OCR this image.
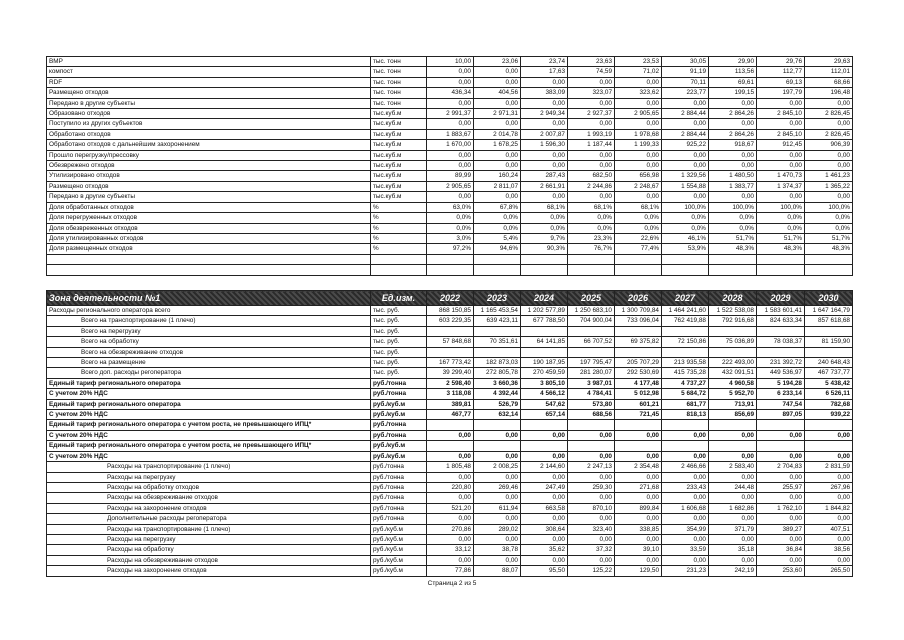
ВМР	тыс. тонн	10,00	23,06	23,74	23,63	23,53	30,05	29,90	29,76	29,63
компост	тыс. тонн	0,00	0,00	17,63	74,59	71,02	91,19	113,56	112,77	112,01
RDF	тыс. тонн	0,00	0,00	0,00	0,00	0,00	70,11	69,61	69,13	68,66
Размещено отходов	тыс. тонн	436,34	404,56	383,09	323,07	323,62	223,77	199,15	197,79	196,48
Передано в другие субъекты	тыс. тонн	0,00	0,00	0,00	0,00	0,00	0,00	0,00	0,00	0,00
Образовано отходов	тыс.куб.м	2 991,37	2 971,31	2 949,34	2 927,37	2 905,65	2 884,44	2 864,26	2 845,10	2 826,45
Поступило из других субъектов	тыс.куб.м	0,00	0,00	0,00	0,00	0,00	0,00	0,00	0,00	0,00
Обработано отходов	тыс.куб.м	1 883,67	2 014,78	2 007,87	1 993,19	1 978,68	2 884,44	2 864,26	2 845,10	2 826,45
Обработано отходов с дальнейшим захоронением	тыс.куб.м	1 670,00	1 678,25	1 596,30	1 187,44	1 199,33	925,22	918,67	912,45	906,39
Прошло перегрузку/прессовку	тыс.куб.м	0,00	0,00	0,00	0,00	0,00	0,00	0,00	0,00	0,00
Обезврежено отходов	тыс.куб.м	0,00	0,00	0,00	0,00	0,00	0,00	0,00	0,00	0,00
Утилизировано отходов	тыс.куб.м	89,99	160,24	287,43	682,50	656,98	1 329,56	1 480,50	1 470,73	1 461,23
Размещено отходов	тыс.куб.м	2 905,65	2 811,07	2 661,91	2 244,86	2 248,67	1 554,88	1 383,77	1 374,37	1 365,22
Передано в другие субъекты	тыс.куб.м	0,00	0,00	0,00	0,00	0,00	0,00	0,00	0,00	0,00
Доля обработанных отходов	%	63,0%	67,8%	68,1%	68,1%	68,1%	100,0%	100,0%	100,0%	100,0%
Доля перегруженных отходов	%	0,0%	0,0%	0,0%	0,0%	0,0%	0,0%	0,0%	0,0%	0,0%
Доля обезвреженных отходов	%	0,0%	0,0%	0,0%	0,0%	0,0%	0,0%	0,0%	0,0%	0,0%
Доля утилизированных отходов	%	3,0%	5,4%	9,7%	23,3%	22,6%	46,1%	51,7%	51,7%	51,7%
Доля размещенных отходов	%	97,2%	94,6%	90,3%	76,7%	77,4%	53,9%	48,3%	48,3%	48,3%

Зона деятельности №1	Ед.изм.	2022	2023	2024	2025	2026	2027	2028	2029	2030
Расходы регионального оператора всего	тыс. руб.	868 150,85	1 165 453,54	1 202 577,89	1 250 683,10	1 300 709,84	1 464 241,60	1 522 538,08	1 583 601,41	1 647 164,79
Всего на транспортирование (1 плечо)	тыс. руб.	603 229,35	639 423,11	677 788,50	704 900,04	733 096,04	762 419,88	792 916,68	824 633,34	857 618,68
Всего на перегрузку	тыс. руб.									
Всего на обработку	тыс. руб.	57 848,68	70 351,61	64 141,85	66 707,52	69 375,82	72 150,86	75 036,89	78 038,37	81 159,90
Всего на обезвреживание отходов	тыс. руб.									
Всего на размещение	тыс. руб.	167 773,42	182 873,03	190 187,95	197 795,47	205 707,29	213 935,58	222 493,00	231 392,72	240 648,43
Всего доп. расходы регоператора	тыс. руб.	39 299,40	272 805,78	270 459,59	281 280,07	292 530,69	415 735,28	432 091,51	449 536,97	467 737,77
Единый тариф регионального оператора	руб./тонна	2 598,40	3 660,36	3 805,10	3 987,01	4 177,48	4 737,27	4 960,58	5 194,28	5 438,42
С учетом 20% НДС	руб./тонна	3 118,08	4 392,44	4 566,12	4 784,41	5 012,98	5 684,72	5 952,70	6 233,14	6 526,11
Единый тариф регионального оператора	руб./куб.м	389,81	526,79	547,62	573,80	601,21	681,77	713,91	747,54	782,68
С учетом 20% НДС	руб./куб.м	467,77	632,14	657,14	688,56	721,45	818,13	856,69	897,05	939,22
Единый тариф регионального оператора с учетом роста, не превышающего ИПЦ*	руб./тонна									
С учетом 20% НДС	руб./тонна	0,00	0,00	0,00	0,00	0,00	0,00	0,00	0,00	0,00
Единый тариф регионального оператора с учетом роста, не превышающего ИПЦ*	руб./куб.м									
С учетом 20% НДС	руб./куб.м	0,00	0,00	0,00	0,00	0,00	0,00	0,00	0,00	0,00
Расходы на транспортирование (1 плечо)	руб./тонна	1 805,48	2 008,25	2 144,60	2 247,13	2 354,48	2 466,66	2 583,40	2 704,83	2 831,59
Расходы на перегрузку	руб./тонна	0,00	0,00	0,00	0,00	0,00	0,00	0,00	0,00	0,00
Расходы на обработку отходов	руб./тонна	220,80	269,46	247,49	259,30	271,68	233,43	244,48	255,97	267,96
Расходы на обезвреживание отходов	руб./тонна	0,00	0,00	0,00	0,00	0,00	0,00	0,00	0,00	0,00
Расходы на захоронение отходов	руб./тонна	521,20	611,94	663,58	870,10	899,84	1 606,68	1 682,86	1 762,10	1 844,82
Дополнительные расходы регоператора	руб./тонна	0,00	0,00	0,00	0,00	0,00	0,00	0,00	0,00	0,00
Расходы на транспортирование (1 плечо)	руб./куб.м	270,86	289,02	308,64	323,40	338,85	354,99	371,79	389,27	407,51
Расходы на перегрузку	руб./куб.м	0,00	0,00	0,00	0,00	0,00	0,00	0,00	0,00	0,00
Расходы на обработку	руб./куб.м	33,12	38,78	35,62	37,32	39,10	33,59	35,18	36,84	38,56
Расходы на обезвреживание отходов	руб./куб.м	0,00	0,00	0,00	0,00	0,00	0,00	0,00	0,00	0,00
Расходы на захоронение отходов	руб./куб.м	77,86	88,07	95,50	125,22	129,50	231,23	242,19	253,60	265,50
Страница 2 из 5
